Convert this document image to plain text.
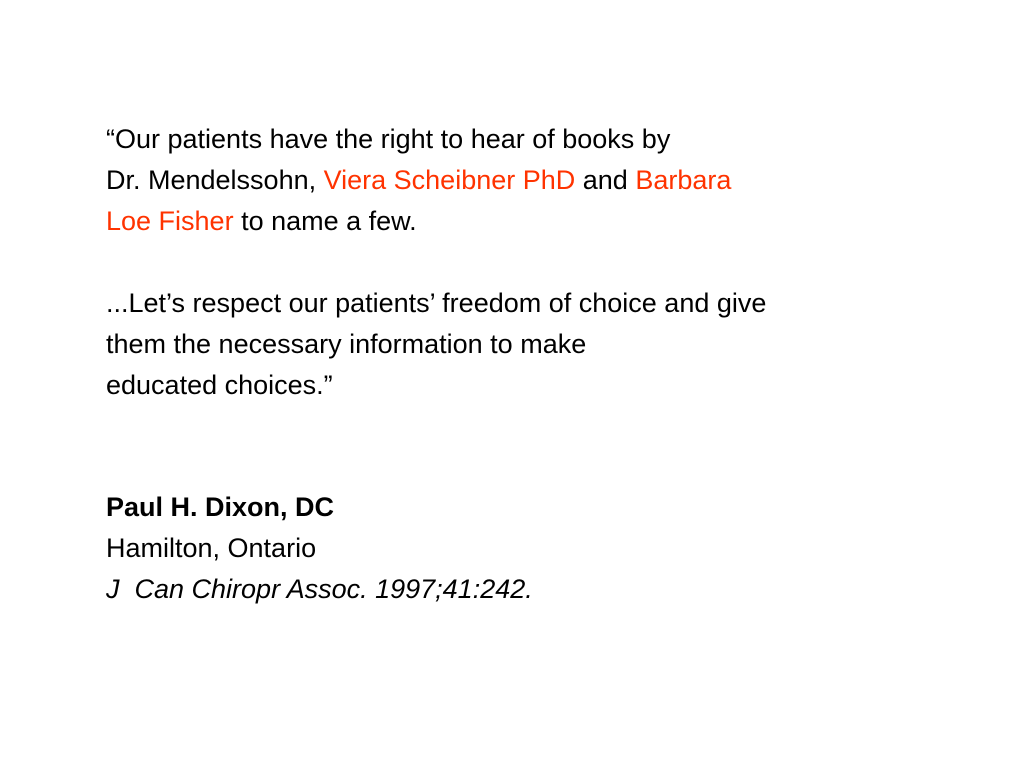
“Our patients have the right to hear of books by
Dr. Mendelssohn, Viera Scheibner PhD and Barbara
Loe Fisher to name a few.

...Let’s respect our patients’ freedom of choice and give
them the necessary information to make
educated choices.”

Paul H. Dixon, DC
Hamilton, Ontario
J  Can Chiropr Assoc. 1997;41:242.
